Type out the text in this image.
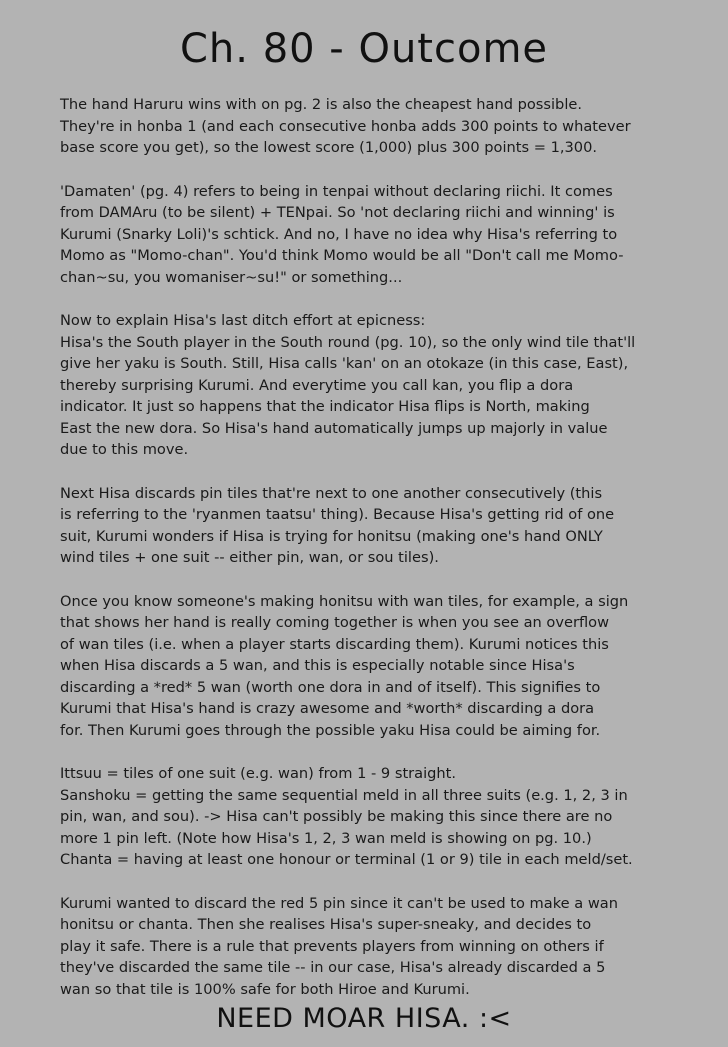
Ch. 80 - Outcome
The hand Haruru wins with on pg. 2 is also the cheapest hand possible.
They're in honba 1 (and each consecutive honba adds 300 points to whatever
base score you get), so the lowest score (1,000) plus 300 points = 1,300.
'Damaten' (pg. 4) refers to being in tenpai without declaring riichi. It comes
from DAMAru (to be silent) + TENpai. So 'not declaring riichi and winning' is
Kurumi (Snarky Loli)'s schtick. And no, I have no idea why Hisa's referring to
Momo as "Momo-chan". You'd think Momo would be all "Don't call me Momo-
chan~su, you womaniser~su!" or something...
Now to explain Hisa's last ditch effort at epicness:
Hisa's the South player in the South round (pg. 10), so the only wind tile that'll
give her yaku is South. Still, Hisa calls 'kan' on an otokaze (in this case, East),
thereby surprising Kurumi. And everytime you call kan, you flip a dora
indicator. It just so happens that the indicator Hisa flips is North, making
East the new dora. So Hisa's hand automatically jumps up majorly in value
due to this move.
Next Hisa discards pin tiles that're next to one another consecutively (this
is referring to the 'ryanmen taatsu' thing). Because Hisa's getting rid of one
suit, Kurumi wonders if Hisa is trying for honitsu (making one's hand ONLY
wind tiles + one suit -- either pin, wan, or sou tiles).
Once you know someone's making honitsu with wan tiles, for example, a sign
that shows her hand is really coming together is when you see an overflow
of wan tiles (i.e. when a player starts discarding them). Kurumi notices this
when Hisa discards a 5 wan, and this is especially notable since Hisa's
discarding a *red* 5 wan (worth one dora in and of itself). This signifies to
Kurumi that Hisa's hand is crazy awesome and *worth* discarding a dora
for. Then Kurumi goes through the possible yaku Hisa could be aiming for.
Ittsuu = tiles of one suit (e.g. wan) from 1 - 9 straight.
Sanshoku = getting the same sequential meld in all three suits (e.g. 1, 2, 3 in
pin, wan, and sou). -> Hisa can't possibly be making this since there are no
more 1 pin left. (Note how Hisa's 1, 2, 3 wan meld is showing on pg. 10.)
Chanta = having at least one honour or terminal (1 or 9) tile in each meld/set.
Kurumi wanted to discard the red 5 pin since it can't be used to make a wan
honitsu or chanta. Then she realises Hisa's super-sneaky, and decides to
play it safe. There is a rule that prevents players from winning on others if
they've discarded the same tile -- in our case, Hisa's already discarded a 5
wan so that tile is 100% safe for both Hiroe and Kurumi.

NEED MOAR HISA. :<
